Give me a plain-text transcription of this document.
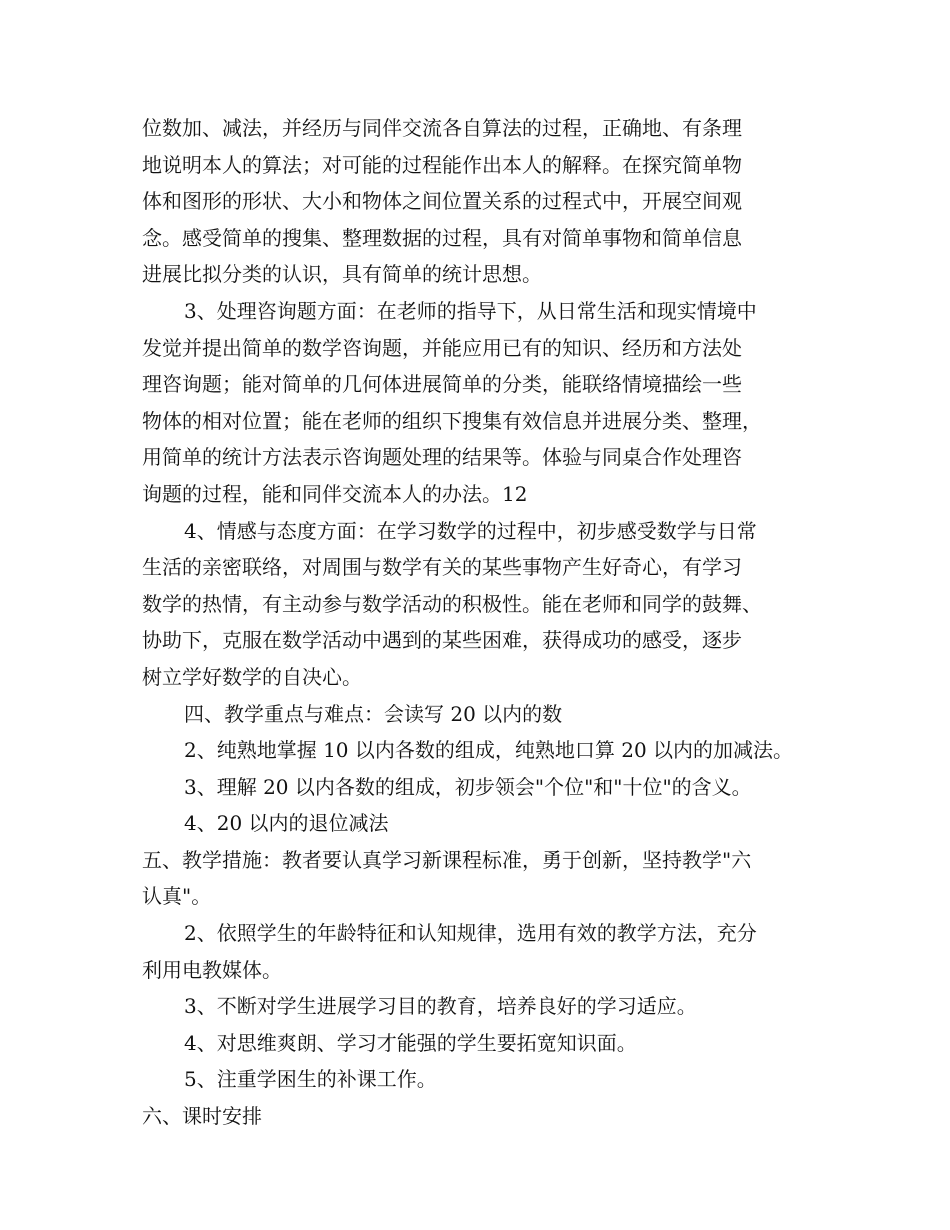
位数加、减法，并经历与同伴交流各自算法的过程，正确地、有条理
地说明本人的算法；对可能的过程能作出本人的解释。在探究简单物
体和图形的形状、大小和物体之间位置关系的过程式中，开展空间观
念。感受简单的搜集、整理数据的过程，具有对简单事物和简单信息
进展比拟分类的认识，具有简单的统计思想。
3、处理咨询题方面：在老师的指导下，从日常生活和现实情境中
发觉并提出简单的数学咨询题，并能应用已有的知识、经历和方法处
理咨询题；能对简单的几何体进展简单的分类，能联络情境描绘一些
物体的相对位置；能在老师的组织下搜集有效信息并进展分类、整理，
用简单的统计方法表示咨询题处理的结果等。体验与同桌合作处理咨
询题的过程，能和同伴交流本人的办法。12
4、情感与态度方面：在学习数学的过程中，初步感受数学与日常
生活的亲密联络，对周围与数学有关的某些事物产生好奇心，有学习
数学的热情，有主动参与数学活动的积极性。能在老师和同学的鼓舞、
协助下，克服在数学活动中遇到的某些困难，获得成功的感受，逐步
树立学好数学的自决心。
四、教学重点与难点：会读写 20 以内的数
2、纯熟地掌握 10 以内各数的组成，纯熟地口算 20 以内的加减法。
3、理解 20 以内各数的组成，初步领会"个位"和"十位"的含义。
4、20 以内的退位减法
五、教学措施：教者要认真学习新课程标准，勇于创新，坚持教学"六
认真"。
2、依照学生的年龄特征和认知规律，选用有效的教学方法，充分
利用电教媒体。
3、不断对学生进展学习目的教育，培养良好的学习适应。
4、对思维爽朗、学习才能强的学生要拓宽知识面。
5、注重学困生的补课工作。
六、课时安排
